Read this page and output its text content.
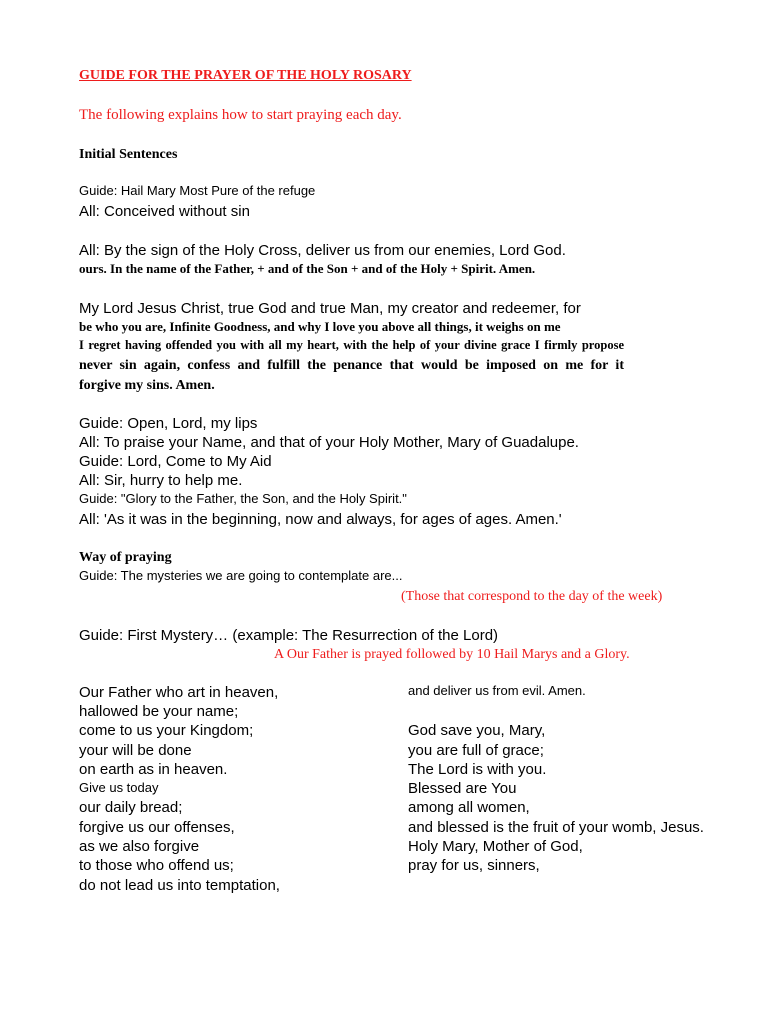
GUIDE FOR THE PRAYER OF THE HOLY ROSARY

The following explains how to start praying each day.

Initial Sentences

Guide: Hail Mary Most Pure of the refuge

All: Conceived without sin

All: By the sign of the Holy Cross, deliver us from our enemies, Lord God.

ours. In the name of the Father, + and of the Son + and of the Holy + Spirit. Amen.

My Lord Jesus Christ, true God and true Man, my creator and redeemer, for

be who you are, Infinite Goodness, and why I love you above all things, it weighs on me

I regret having offended you with all my heart, with the help of your divine grace I firmly propose

never sin again, confess and fulfill the penance that would be imposed on me for it

forgive my sins. Amen.

Guide: Open, Lord, my lips

All: To praise your Name, and that of your Holy Mother, Mary of Guadalupe.

Guide: Lord, Come to My Aid

All: Sir, hurry to help me.

Guide: "Glory to the Father, the Son, and the Holy Spirit."

All: 'As it was in the beginning, now and always, for ages of ages. Amen.'

Way of praying

Guide: The mysteries we are going to contemplate are...

(Those that correspond to the day of the week)

Guide: First Mystery… (example: The Resurrection of the Lord)

A Our Father is prayed followed by 10 Hail Marys and a Glory.

Our Father who art in heaven,

hallowed be your name;

come to us your Kingdom;

your will be done

on earth as in heaven.

Give us today

our daily bread;

forgive us our offenses,

as we also forgive

to those who offend us;

do not lead us into temptation,

and deliver us from evil. Amen.

God save you, Mary,

you are full of grace;

The Lord is with you.

Blessed are You

among all women,

and blessed is the fruit of your womb, Jesus.

Holy Mary, Mother of God,

pray for us, sinners,
